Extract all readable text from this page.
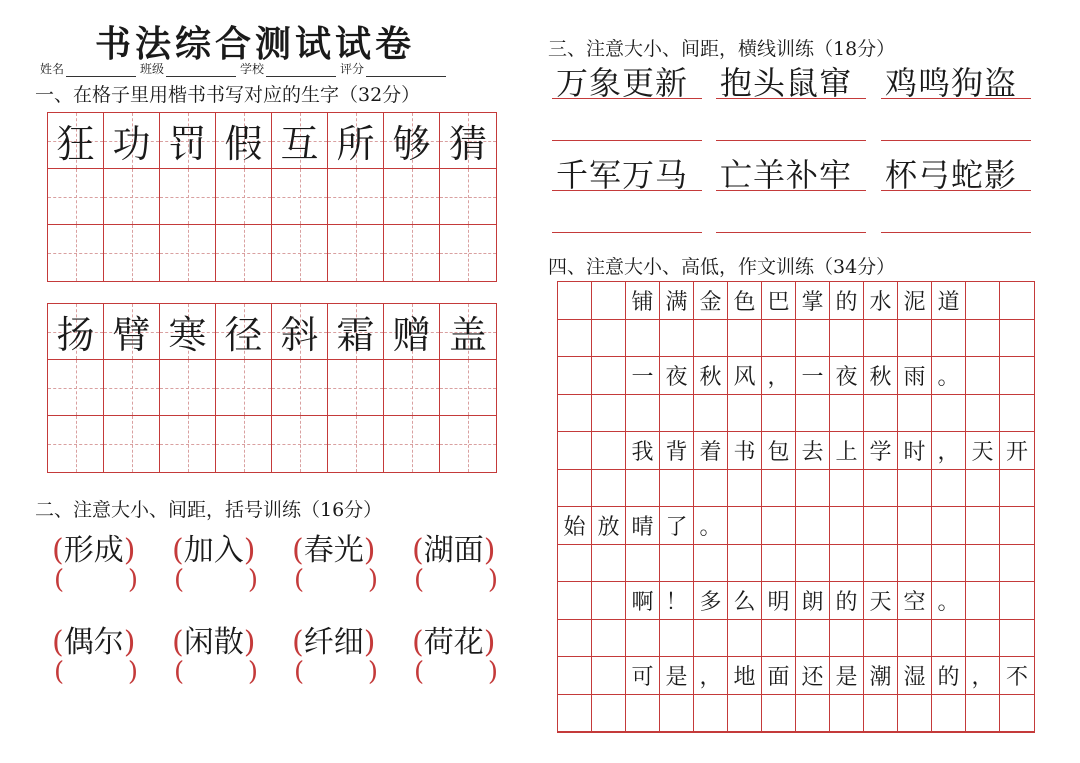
书法综合测试试卷
姓名	班级	学校	评分
一、在格子里用楷书书写对应的生字（32分）
狂 功 罚 假 互 所 够 猜
扬 臂 寒 径 斜 霜 赠 盖
二、注意大小、间距，括号训练（16分）
(形成)
( )
(加入)
( )
(春光)
( )
(湖面)
( )
(偶尔)
( )
(闲散)
( )
(纤细)
( )
(荷花)
( )
三、注意大小、间距，横线训练（18分）
万象更新 抱头鼠窜 鸡鸣狗盗
千军万马 亡羊补牢 杯弓蛇影
四、注意大小、高低，作文训练（34分）
铺 满 金 色 巴 掌 的 水 泥 道
一 夜 秋 风 ， 一 夜 秋 雨 。
我 背 着 书 包 去 上 学 时 ， 天 开
始 放 晴 了 。
啊 ！ 多 么 明 朗 的 天 空 。
可 是 ， 地 面 还 是 潮 湿 的 ， 不
